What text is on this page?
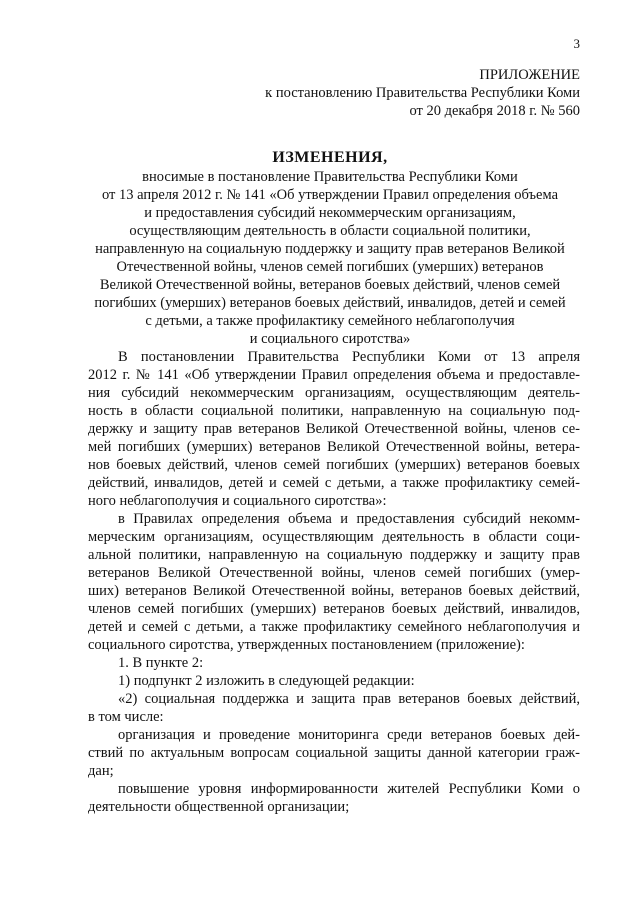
3
ПРИЛОЖЕНИЕ
к постановлению Правительства Республики Коми
от 20 декабря 2018 г. № 560
ИЗМЕНЕНИЯ,
вносимые в постановление Правительства Республики Коми
от 13 апреля 2012 г. № 141 «Об утверждении Правил определения объема
и предоставления субсидий некоммерческим организациям,
осуществляющим деятельность в области социальной политики,
направленную на социальную поддержку и защиту прав ветеранов Великой
Отечественной войны, членов семей погибших (умерших) ветеранов
Великой Отечественной войны, ветеранов боевых действий, членов семей
погибших (умерших) ветеранов боевых действий, инвалидов, детей и семей
с детьми, а также профилактику семейного неблагополучия
и социального сиротства»

В постановлении Правительства Республики Коми от 13 апреля
2012 г. № 141 «Об утверждении Правил определения объема и предоставле-
ния субсидий некоммерческим организациям, осуществляющим деятель-
ность в области социальной политики, направленную на социальную под-
держку и защиту прав ветеранов Великой Отечественной войны, членов се-
мей погибших (умерших) ветеранов Великой Отечественной войны, ветера-
нов боевых действий, членов семей погибших (умерших) ветеранов боевых
действий, инвалидов, детей и семей с детьми, а также профилактику семей-
ного неблагополучия и социального сиротства»:

в Правилах определения объема и предоставления субсидий некомм-
мерческим организациям, осуществляющим деятельность в области соци-
альной политики, направленную на социальную поддержку и защиту прав
ветеранов Великой Отечественной войны, членов семей погибших (умер-
ших) ветеранов Великой Отечественной войны, ветеранов боевых действий,
членов семей погибших (умерших) ветеранов боевых действий, инвалидов,
детей и семей с детьми, а также профилактику семейного неблагополучия и
социального сиротства, утвержденных постановлением (приложение):

1. В пункте 2:

1) подпункт 2 изложить в следующей редакции:

«2) социальная поддержка и защита прав ветеранов боевых действий,
в том числе:

организация и проведение мониторинга среди ветеранов боевых дей-
ствий по актуальным вопросам социальной защиты данной категории граж-
дан;

повышение уровня информированности жителей Республики Коми о
деятельности общественной организации;
